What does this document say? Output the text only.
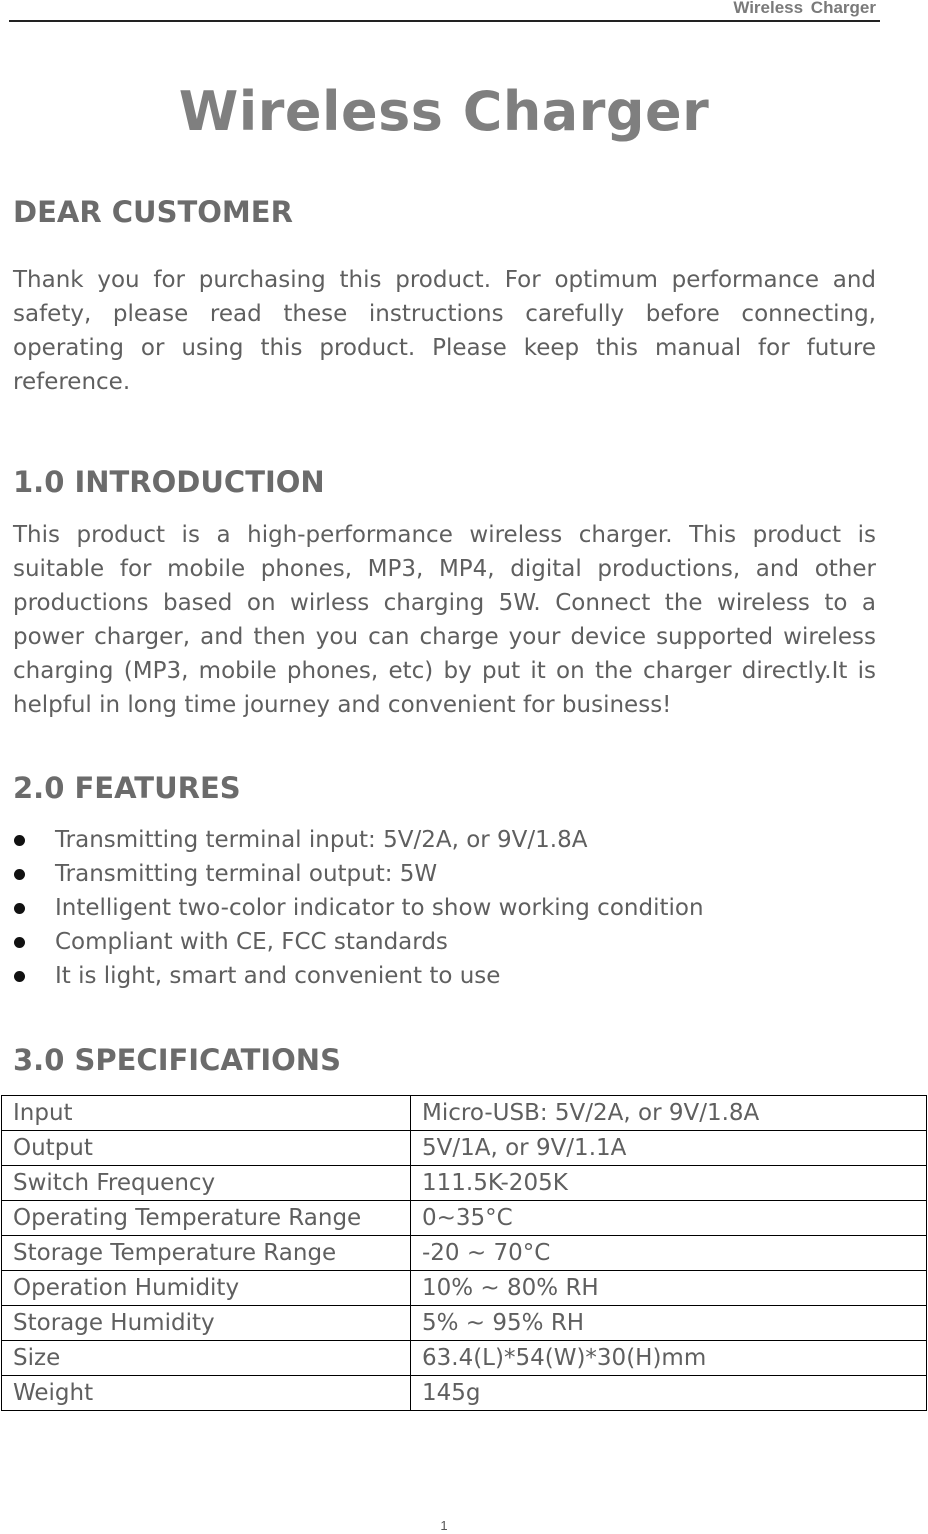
Wireless Charger
Wireless Charger
DEAR CUSTOMER

Thank you for purchasing this product. For optimum performance and safety, please read these instructions carefully before connecting, operating or using this product. Please keep this manual for future reference.

1.0 INTRODUCTION

This product is a high-performance wireless charger. This product is suitable for mobile phones, MP3, MP4, digital productions, and other productions based on wirless charging 5W. Connect the wireless to a power charger, and then you can charge your device supported wireless charging (MP3, mobile phones, etc) by put it on the charger directly.It is helpful in long time journey and convenient for business!

2.0 FEATURES
Transmitting terminal input: 5V/2A, or 9V/1.8A
Transmitting terminal output: 5W
Intelligent two-color indicator to show working condition
Compliant with CE, FCC standards
It is light, smart and convenient to use
3.0 SPECIFICATIONS
Input	Micro-USB: 5V/2A, or 9V/1.8A
Output	5V/1A, or 9V/1.1A
Switch Frequency	111.5K-205K
Operating Temperature Range	0~35°C
Storage Temperature Range	-20 ~ 70°C
Operation Humidity	10% ~ 80% RH
Storage Humidity	5% ~ 95% RH
Size	63.4(L)*54(W)*30(H)mm
Weight	145g
1
